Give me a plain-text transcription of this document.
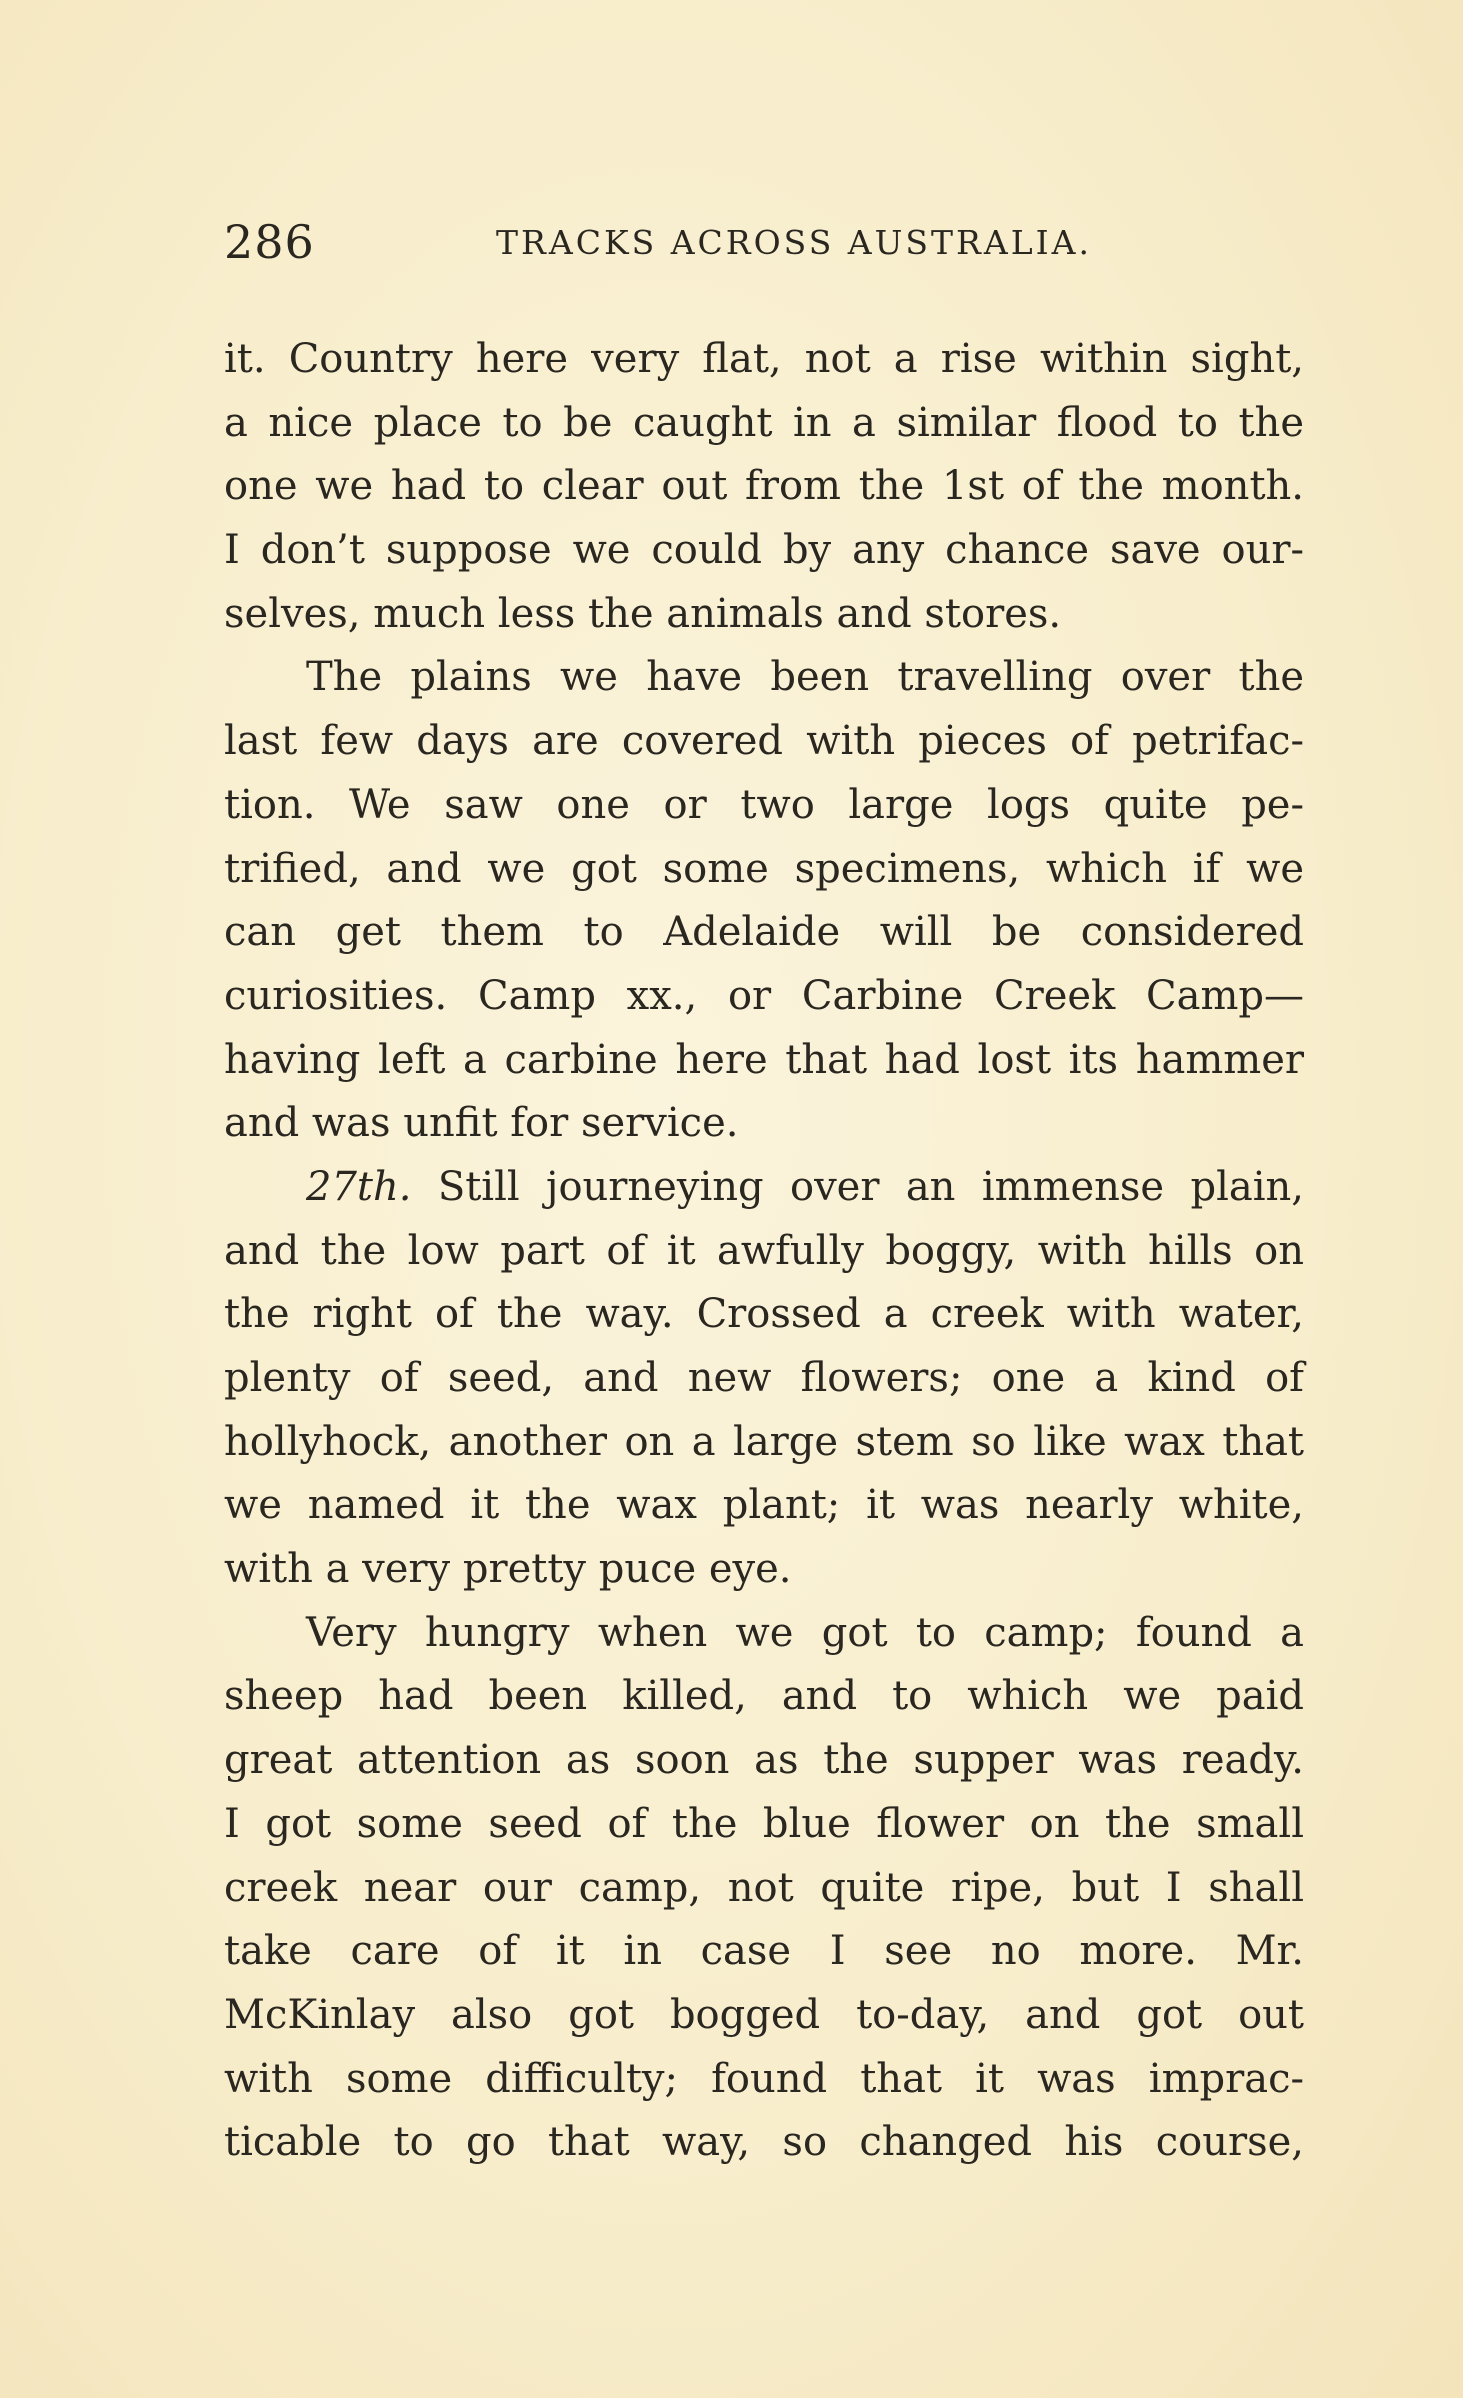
286	TRACKS ACROSS AUSTRALIA.
it. Country here very flat, not a rise within sight,
a nice place to be caught in a similar flood to the
one we had to clear out from the 1st of the month.
I don’t suppose we could by any chance save our-
selves, much less the animals and stores.
The plains we have been travelling over the
last few days are covered with pieces of petrifac-
tion. We saw one or two large logs quite pe-
trified, and we got some specimens, which if we
can get them to Adelaide will be considered
curiosities. Camp xx., or Carbine Creek Camp—
having left a carbine here that had lost its hammer
and was unfit for service.
27th. Still journeying over an immense plain,
and the low part of it awfully boggy, with hills on
the right of the way. Crossed a creek with water,
plenty of seed, and new flowers; one a kind of
hollyhock, another on a large stem so like wax that
we named it the wax plant; it was nearly white,
with a very pretty puce eye.
Very hungry when we got to camp; found a
sheep had been killed, and to which we paid
great attention as soon as the supper was ready.
I got some seed of the blue flower on the small
creek near our camp, not quite ripe, but I shall
take care of it in case I see no more. Mr.
McKinlay also got bogged to-day, and got out
with some difficulty; found that it was imprac-
ticable to go that way, so changed his course,
